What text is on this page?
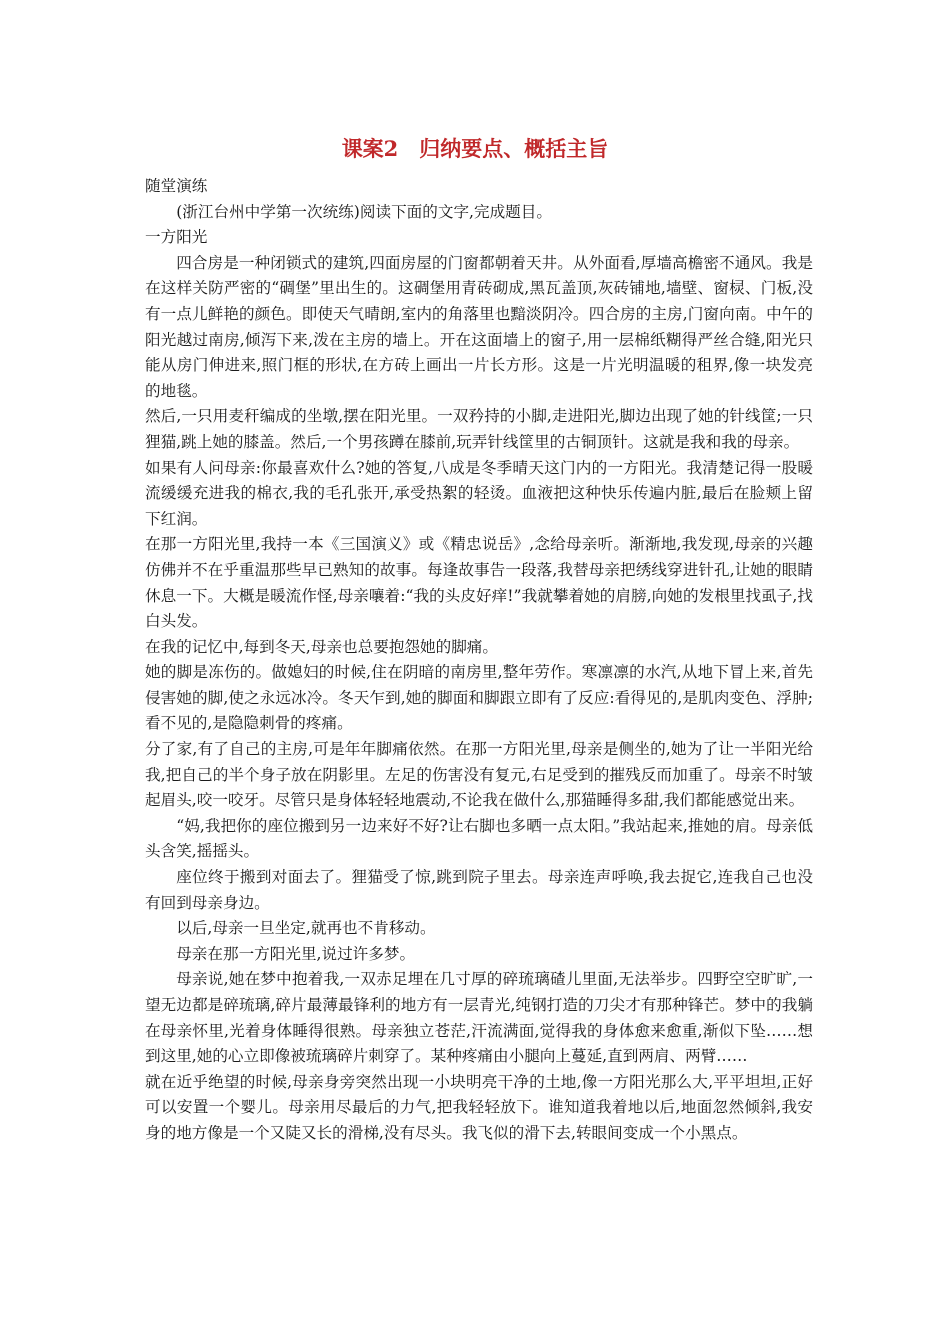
课案2　归纳要点、概括主旨

随堂演练

(浙江台州中学第一次统练)阅读下面的文字,完成题目。

一方阳光

四合房是一种闭锁式的建筑,四面房屋的门窗都朝着天井。从外面看,厚墙高檐密不通风。我是在这样关防严密的“碉堡”里出生的。这碉堡用青砖砌成,黑瓦盖顶,灰砖铺地,墙壁、窗棂、门板,没有一点儿鲜艳的颜色。即使天气晴朗,室内的角落里也黯淡阴冷。四合房的主房,门窗向南。中午的阳光越过南房,倾泻下来,泼在主房的墙上。开在这面墙上的窗子,用一层棉纸糊得严丝合缝,阳光只能从房门伸进来,照门框的形状,在方砖上画出一片长方形。这是一片光明温暖的租界,像一块发亮的地毯。

然后,一只用麦秆编成的坐墩,摆在阳光里。一双矜持的小脚,走进阳光,脚边出现了她的针线筐;一只狸猫,跳上她的膝盖。然后,一个男孩蹲在膝前,玩弄针线筐里的古铜顶针。这就是我和我的母亲。

如果有人问母亲:你最喜欢什么?她的答复,八成是冬季晴天这门内的一方阳光。我清楚记得一股暖流缓缓充进我的棉衣,我的毛孔张开,承受热絮的轻烫。血液把这种快乐传遍内脏,最后在脸颊上留下红润。

在那一方阳光里,我持一本《三国演义》或《精忠说岳》,念给母亲听。渐渐地,我发现,母亲的兴趣仿佛并不在乎重温那些早已熟知的故事。每逢故事告一段落,我替母亲把绣线穿进针孔,让她的眼睛休息一下。大概是暖流作怪,母亲嚷着:“我的头皮好痒!”我就攀着她的肩膀,向她的发根里找虱子,找白头发。

在我的记忆中,每到冬天,母亲也总要抱怨她的脚痛。

她的脚是冻伤的。做媳妇的时候,住在阴暗的南房里,整年劳作。寒凛凛的水汽,从地下冒上来,首先侵害她的脚,使之永远冰冷。冬天乍到,她的脚面和脚跟立即有了反应:看得见的,是肌肉变色、浮肿;看不见的,是隐隐刺骨的疼痛。

分了家,有了自己的主房,可是年年脚痛依然。在那一方阳光里,母亲是侧坐的,她为了让一半阳光给我,把自己的半个身子放在阴影里。左足的伤害没有复元,右足受到的摧残反而加重了。母亲不时皱起眉头,咬一咬牙。尽管只是身体轻轻地震动,不论我在做什么,那猫睡得多甜,我们都能感觉出来。

“妈,我把你的座位搬到另一边来好不好?让右脚也多晒一点太阳。”我站起来,推她的肩。母亲低头含笑,摇摇头。

座位终于搬到对面去了。狸猫受了惊,跳到院子里去。母亲连声呼唤,我去捉它,连我自己也没有回到母亲身边。

以后,母亲一旦坐定,就再也不肯移动。

母亲在那一方阳光里,说过许多梦。

母亲说,她在梦中抱着我,一双赤足埋在几寸厚的碎琉璃碴儿里面,无法举步。四野空空旷旷,一望无边都是碎琉璃,碎片最薄最锋利的地方有一层青光,纯钢打造的刀尖才有那种锋芒。梦中的我躺在母亲怀里,光着身体睡得很熟。母亲独立苍茫,汗流满面,觉得我的身体愈来愈重,渐似下坠……想到这里,她的心立即像被琉璃碎片刺穿了。某种疼痛由小腿向上蔓延,直到两肩、两臂……

就在近乎绝望的时候,母亲身旁突然出现一小块明亮干净的土地,像一方阳光那么大,平平坦坦,正好可以安置一个婴儿。母亲用尽最后的力气,把我轻轻放下。谁知道我着地以后,地面忽然倾斜,我安身的地方像是一个又陡又长的滑梯,没有尽头。我飞似的滑下去,转眼间变成一个小黑点。
